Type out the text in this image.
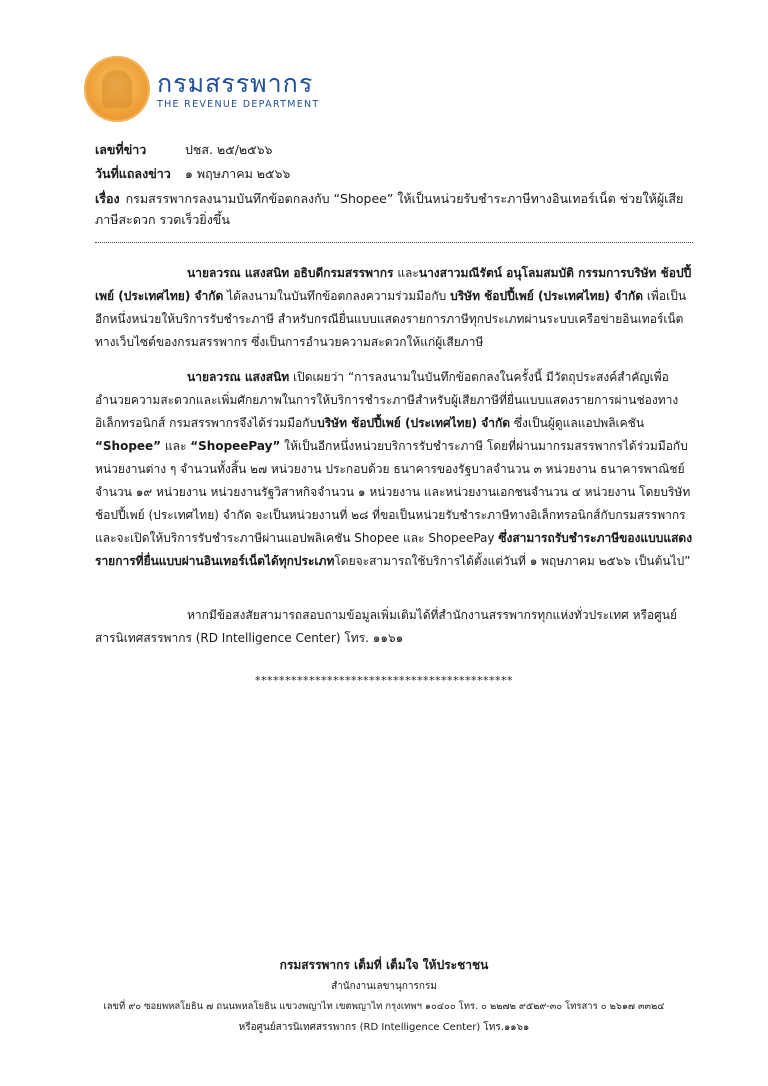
กรมสรรพากร
THE REVENUE DEPARTMENT
เลขที่ข่าว	ปชส. ๒๕/๒๕๖๖
วันที่แถลงข่าว ๑ พฤษภาคม ๒๕๖๖
เรื่อง กรมสรรพากรลงนามบันทึกข้อตกลงกับ “Shopee” ให้เป็นหน่วยรับชำระภาษีทางอินเทอร์เน็ต ช่วยให้ผู้เสียภาษีสะดวก รวดเร็วยิ่งขึ้น
นายลวรณ แสงสนิท อธิบดีกรมสรรพากร และนางสาวมณีรัตน์ อนุโลมสมบัติ กรรมการบริษัท ช้อปปี้เพย์ (ประเทศไทย) จำกัด ได้ลงนามในบันทึกข้อตกลงความร่วมมือกับ บริษัท ช้อปปี้เพย์ (ประเทศไทย) จำกัด เพื่อเป็นอีกหนึ่งหน่วยให้บริการรับชำระภาษี สำหรับกรณียื่นแบบแสดงรายการภาษีทุกประเภทผ่านระบบเครือข่ายอินเทอร์เน็ตทางเว็บไซต์ของกรมสรรพากร ซึ่งเป็นการอำนวยความสะดวกให้แก่ผู้เสียภาษี
นายลวรณ แสงสนิท เปิดเผยว่า “การลงนามในบันทึกข้อตกลงในครั้งนี้ มีวัตถุประสงค์สำคัญเพื่ออำนวยความสะดวกและเพิ่มศักยภาพในการให้บริการชำระภาษีสำหรับผู้เสียภาษีที่ยื่นแบบแสดงรายการผ่านช่องทางอิเล็กทรอนิกส์ กรมสรรพากรจึงได้ร่วมมือกับบริษัท ช้อปปี้เพย์ (ประเทศไทย) จำกัด ซึ่งเป็นผู้ดูแลแอปพลิเคชัน “Shopee” และ “ShopeePay” ให้เป็นอีกหนึ่งหน่วยบริการรับชำระภาษี โดยที่ผ่านมากรมสรรพากรได้ร่วมมือกับหน่วยงานต่าง ๆ จำนวนทั้งสิ้น ๒๗ หน่วยงาน ประกอบด้วย ธนาคารของรัฐบาลจำนวน ๓ หน่วยงาน ธนาคารพาณิชย์จำนวน ๑๙ หน่วยงาน หน่วยงานรัฐวิสาหกิจจำนวน ๑ หน่วยงาน และหน่วยงานเอกชนจำนวน ๔ หน่วยงาน โดยบริษัท ช้อปปี้เพย์ (ประเทศไทย) จำกัด จะเป็นหน่วยงานที่ ๒๘ ที่ขอเป็นหน่วยรับชำระภาษีทางอิเล็กทรอนิกส์กับกรมสรรพากร และจะเปิดให้บริการรับชำระภาษีผ่านแอปพลิเคชัน Shopee และ ShopeePay ซึ่งสามารถรับชำระภาษีของแบบแสดงรายการที่ยื่นแบบผ่านอินเทอร์เน็ตได้ทุกประเภทโดยจะสามารถใช้บริการได้ตั้งแต่วันที่ ๑ พฤษภาคม ๒๕๖๖ เป็นต้นไป”
หากมีข้อสงสัยสามารถสอบถามข้อมูลเพิ่มเติมได้ที่สำนักงานสรรพากรทุกแห่งทั่วประเทศ หรือศูนย์สารนิเทศสรรพากร (RD Intelligence Center) โทร. ๑๑๖๑
*******************************************
กรมสรรพากร เต็มที่ เต็มใจ ให้ประชาชน
สำนักงานเลขานุการกรม
เลขที่ ๙๐ ซอยพหลโยธิน ๗ ถนนพหลโยธิน แขวงพญาไท เขตพญาไท กรุงเทพฯ ๑๐๔๐๐ โทร. ๐ ๒๒๗๒ ๙๕๒๙-๓๐ โทรสาร ๐ ๒๖๑๗ ๓๓๒๔
หรือศูนย์สารนิเทศสรรพากร (RD Intelligence Center) โทร.๑๑๖๑
